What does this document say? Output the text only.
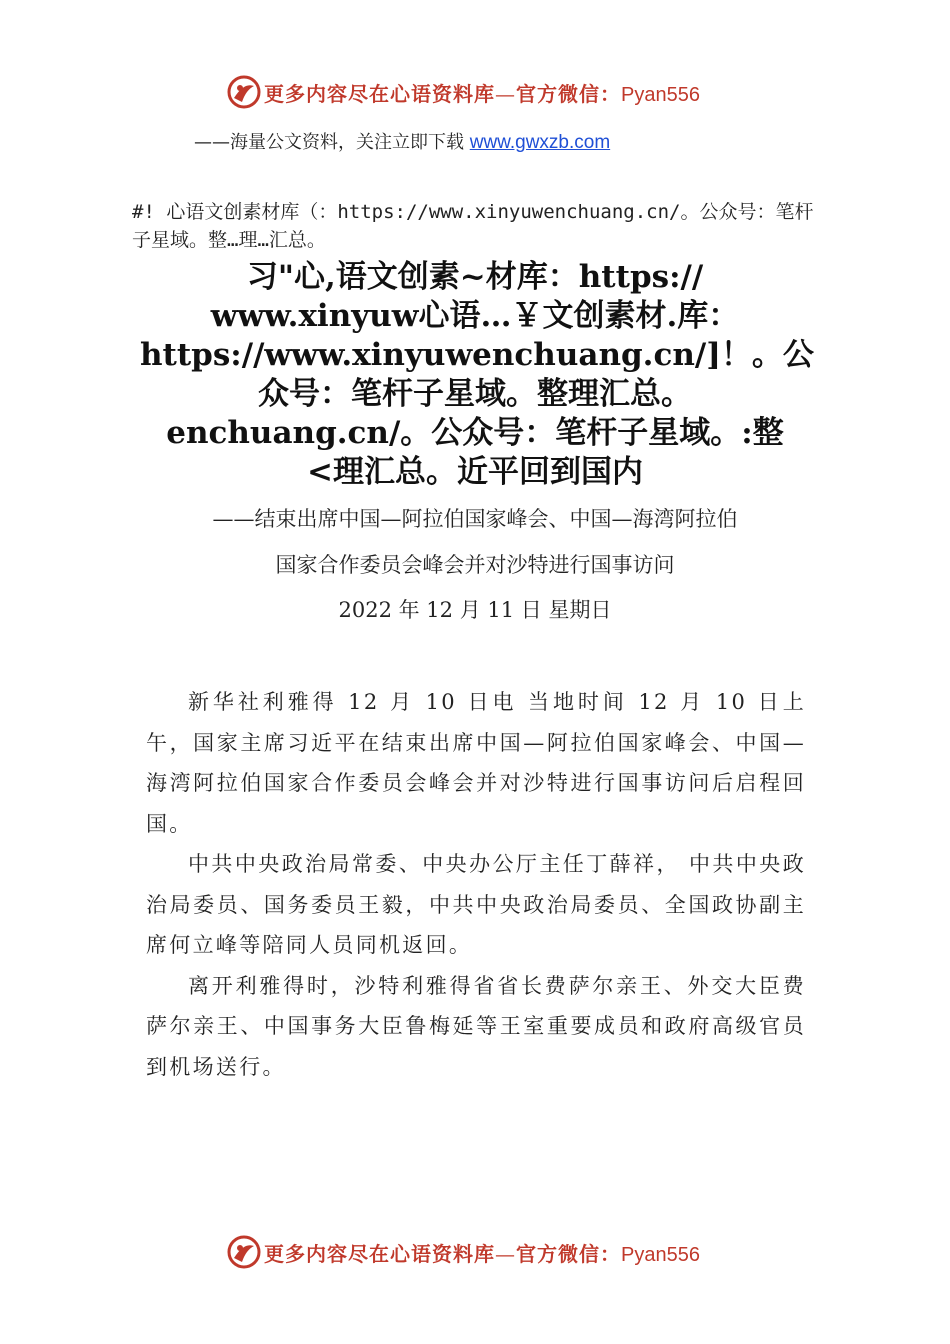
更多内容尽在心语资料库—官方微信：Pyan556
——海量公文资料，关注立即下载 www.gwxzb.com
#! 心语文创素材库（：https://www.xinyuwenchuang.cn/。公众号：笔杆子星域。整…理…汇总。
习"心,语文创素~材库：https://
www.xinyuw心语…￥文创素材.库：
https://www.xinyuwenchuang.cn/]！。公
众号：笔杆子星域。整理汇总。
enchuang.cn/。公众号：笔杆子星域。:整
<理汇总。近平回到国内
——结束出席中国—阿拉伯国家峰会、中国—海湾阿拉伯
国家合作委员会峰会并对沙特进行国事访问
2022 年 12 月 11 日 星期日

新华社利雅得 12 月 10 日电 当地时间 12 月 10 日上午，国家主席习近平在结束出席中国—阿拉伯国家峰会、中国—海湾阿拉伯国家合作委员会峰会并对沙特进行国事访问后启程回国。

中共中央政治局常委、中央办公厅主任丁薛祥， 中共中央政治局委员、国务委员王毅，中共中央政治局委员、全国政协副主席何立峰等陪同人员同机返回。

离开利雅得时，沙特利雅得省省长费萨尔亲王、外交大臣费萨尔亲王、中国事务大臣鲁梅延等王室重要成员和政府高级官员到机场送行。

更多内容尽在心语资料库—官方微信：Pyan556
